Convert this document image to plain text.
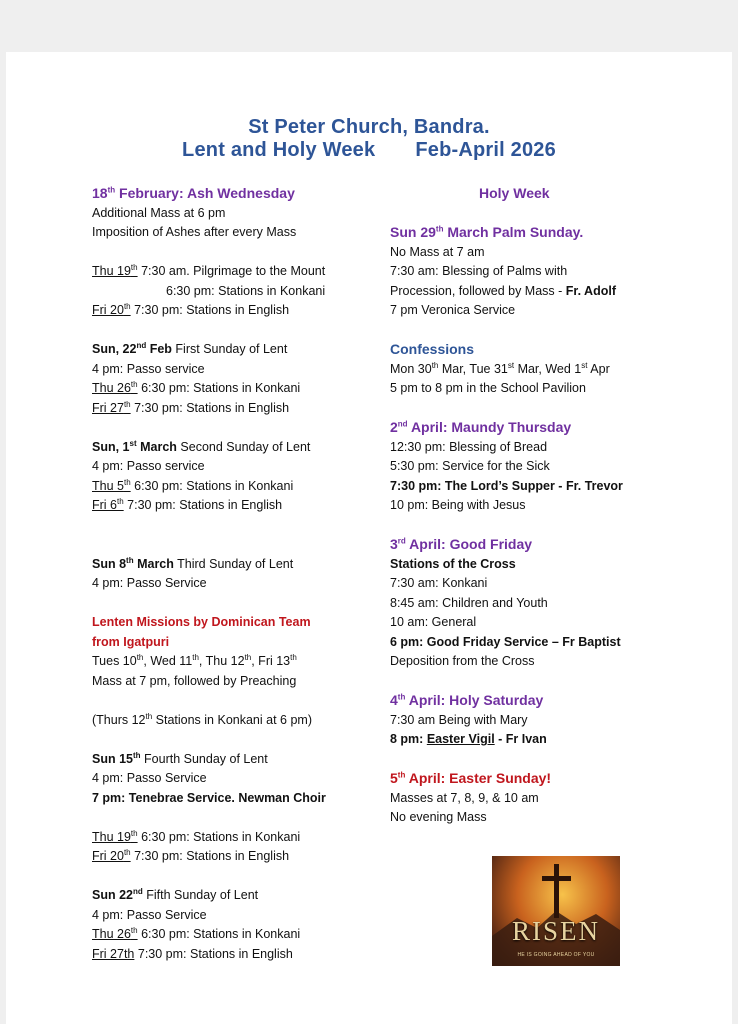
St Peter Church, Bandra.
Lent and Holy Week Feb-April 2026
18th February: Ash Wednesday
Additional Mass at 6 pm
Imposition of Ashes after every Mass
Thu 19th 7:30 am. Pilgrimage to the Mount
6:30 pm: Stations in Konkani
Fri 20th 7:30 pm: Stations in English
Sun, 22nd Feb First Sunday of Lent
4 pm: Passo service
Thu 26th 6:30 pm: Stations in Konkani
Fri 27th 7:30 pm: Stations in English
Sun, 1st March Second Sunday of Lent
4 pm: Passo service
Thu 5th 6:30 pm: Stations in Konkani
Fri 6th 7:30 pm: Stations in English
Sun 8th March Third Sunday of Lent
4 pm: Passo Service
Lenten Missions by Dominican Team
from Igatpuri
Tues 10th, Wed 11th, Thu 12th, Fri 13th
Mass at 7 pm, followed by Preaching
(Thurs 12th Stations in Konkani at 6 pm)
Sun 15th Fourth Sunday of Lent
4 pm: Passo Service
7 pm: Tenebrae Service. Newman Choir
Thu 19th 6:30 pm: Stations in Konkani
Fri 20th 7:30 pm: Stations in English
Sun 22nd Fifth Sunday of Lent
4 pm: Passo Service
Thu 26th 6:30 pm: Stations in Konkani
Fri 27th 7:30 pm: Stations in English
Holy Week
Sun 29th March Palm Sunday.
No Mass at 7 am
7:30 am: Blessing of Palms with
Procession, followed by Mass - Fr. Adolf
7 pm Veronica Service
Confessions
Mon 30th Mar, Tue 31st Mar, Wed 1st Apr
5 pm to 8 pm in the School Pavilion
2nd April: Maundy Thursday
12:30 pm: Blessing of Bread
5:30 pm: Service for the Sick
7:30 pm: The Lord’s Supper - Fr. Trevor
10 pm: Being with Jesus
3rd April: Good Friday
Stations of the Cross
7:30 am: Konkani
8:45 am: Children and Youth
10 am: General
6 pm: Good Friday Service – Fr Baptist
Deposition from the Cross
4th April: Holy Saturday
7:30 am Being with Mary
8 pm: Easter Vigil - Fr Ivan
5th April: Easter Sunday!
Masses at 7, 8, 9, & 10 am
No evening Mass
RISEN
HE IS GOING AHEAD OF YOU
